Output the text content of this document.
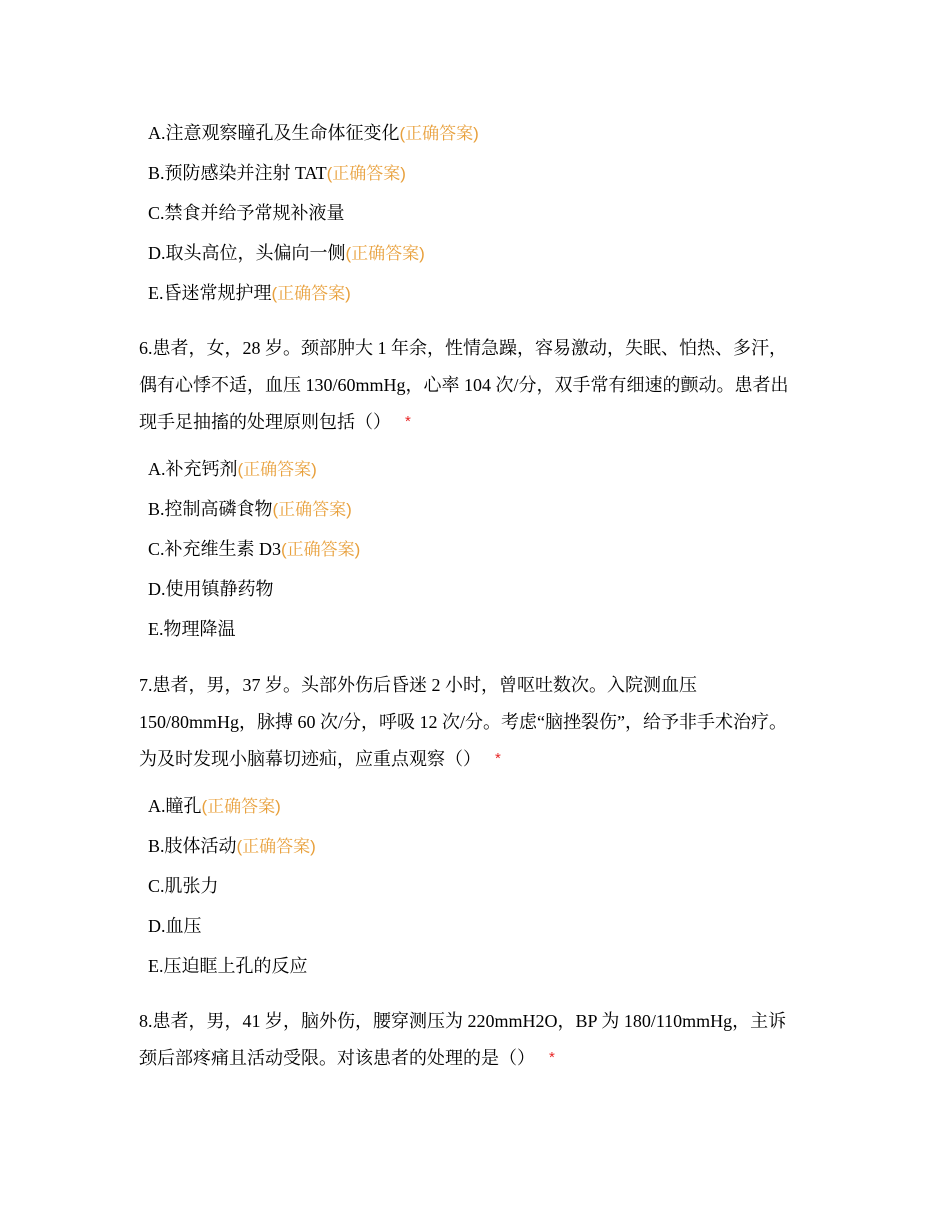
A.注意观察瞳孔及生命体征变化(正确答案)
B.预防感染并注射 TAT(正确答案)
C.禁食并给予常规补液量
D.取头高位，头偏向一侧(正确答案)
E.昏迷常规护理(正确答案)
6.患者，女，28 岁。颈部肿大 1 年余，性情急躁，容易激动，失眠、怕热、多汗，
偶有心悸不适，血压 130/60mmHg，心率 104 次/分，双手常有细速的颤动。患者出
现手足抽搐的处理原则包括（） *
A.补充钙剂(正确答案)
B.控制高磷食物(正确答案)
C.补充维生素 D3(正确答案)
D.使用镇静药物
E.物理降温
7.患者，男，37 岁。头部外伤后昏迷 2 小时，曾呕吐数次。入院测血压
150/80mmHg，脉搏 60 次/分，呼吸 12 次/分。考虑“脑挫裂伤”，给予非手术治疗。
为及时发现小脑幕切迹疝，应重点观察（） *
A.瞳孔(正确答案)
B.肢体活动(正确答案)
C.肌张力
D.血压
E.压迫眶上孔的反应
8.患者，男，41 岁，脑外伤，腰穿测压为 220mmH2O，BP 为 180/110mmHg，主诉
颈后部疼痛且活动受限。对该患者的处理的是（） *
